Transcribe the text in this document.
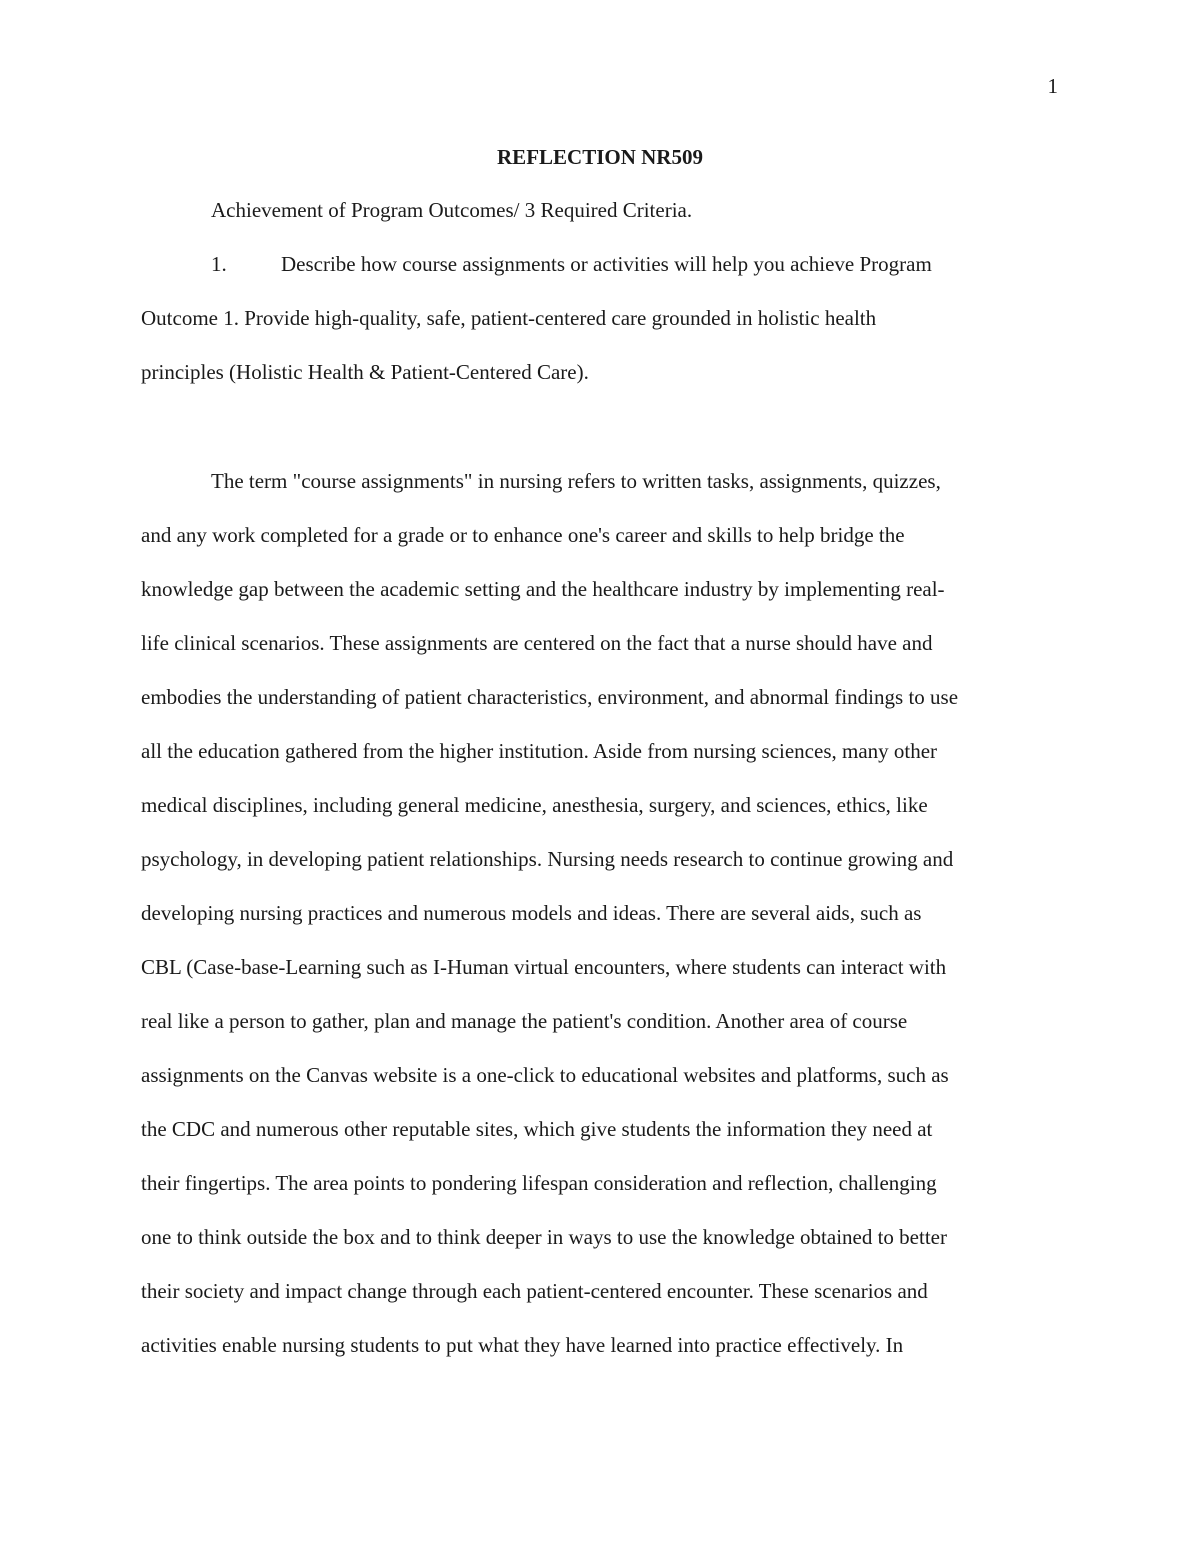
1
REFLECTION NR509
Achievement of Program Outcomes/ 3 Required Criteria.
1.	Describe how course assignments or activities will help you achieve Program
Outcome 1. Provide high-quality, safe, patient-centered care grounded in holistic health
principles (Holistic Health & Patient-Centered Care).
The term "course assignments" in nursing refers to written tasks, assignments, quizzes,
and any work completed for a grade or to enhance one's career and skills to help bridge the
knowledge gap between the academic setting and the healthcare industry by implementing real-
life clinical scenarios. These assignments are centered on the fact that a nurse should have and
embodies the understanding of patient characteristics, environment, and abnormal findings to use
all the education gathered from the higher institution. Aside from nursing sciences, many other
medical disciplines, including general medicine, anesthesia, surgery, and sciences, ethics, like
psychology, in developing patient relationships. Nursing needs research to continue growing and
developing nursing practices and numerous models and ideas. There are several aids, such as
CBL (Case-base-Learning such as I-Human virtual encounters, where students can interact with
real like a person to gather, plan and manage the patient's condition. Another area of course
assignments on the Canvas website is a one-click to educational websites and platforms, such as
the CDC and numerous other reputable sites, which give students the information they need at
their fingertips. The area points to pondering lifespan consideration and reflection, challenging
one to think outside the box and to think deeper in ways to use the knowledge obtained to better
their society and impact change through each patient-centered encounter. These scenarios and
activities enable nursing students to put what they have learned into practice effectively. In
